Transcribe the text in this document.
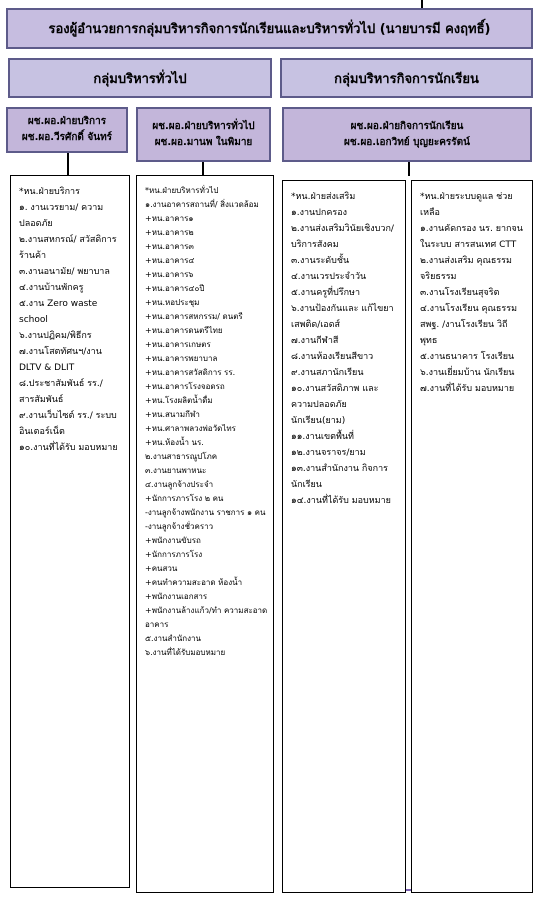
รองผู้อำนวยการกลุ่มบริหารกิจการนักเรียนและบริหารทั่วไป (นายบารมี คงฤทธิ์)
กลุ่มบริหารทั่วไป	กลุ่มบริหารกิจการนักเรียน
ผช.ผอ.ฝ่ายบริการ
ผช.ผอ.วีรศักดิ์ จันทร์
ผช.ผอ.ฝ่ายบริหารทั่วไป
ผช.ผอ.มานพ ในพิมาย
ผช.ผอ.ฝ่ายกิจการนักเรียน
ผช.ผอ.เอกวิทย์ บุญยะครรัตน์
*หน.ฝ่ายบริการ
๑. งานเวรยาม/ ความปลอดภัย
๒.งานสหกรณ์/ สวัสดิการร้านค้า
๓.งานอนามัย/ พยาบาล
๔.งานบ้านพักครู
๕.งาน Zero waste school
๖.งานปฏิคม/พิธีกร
๗.งานโสตทัศนฯ/งาน DLTV & DLIT
๘.ประชาสัมพันธ์ รร./สารสัมพันธ์
๙.งานเว็บไซต์ รร./ ระบบอินเตอร์เน็ต
๑๐.งานที่ได้รับ มอบหมาย
*หน.ฝ่ายบริหารทั่วไป
๑.งานอาคารสถานที่/ สิ่งแวดล้อม
+หน.อาคาร๑
+หน.อาคาร๒
+หน.อาคาร๓
+หน.อาคาร๔
+หน.อาคาร๖
+หน.อาคาร๔๐ปี
+หน.หอประชุม
+หน.อาคารสหกรรม/ ดนตรี
+หน.อาคารดนตรีไทย
+หน.อาคารเกษตร
+หน.อาคารพยาบาล
+หน.อาคารสวัสดิการ รร.
+หน.อาคารโรงจอดรถ
+หน.โรงผลิตน้ำดื่ม
+หน.สนามกีฬา
+หน.ศาลาพลวงพ่อวัดไทร
+หน.ห้องน้ำ นร.
๒.งานสาธารณูปโภค
๓.งานยานพาหนะ
๔.งานลูกจ้างประจำ
+นักการภารโรง ๒ คน
-งานลูกจ้างพนักงาน ราชการ ๑ คน
-งานลูกจ้างชั่วคราว
+พนักงานขับรถ
+นักการภารโรง
+คนสวน
+คนทำความสะอาด ห้องน้ำ
+พนักงานเอกสาร
+พนักงานล้างแก้ว/ทำ ความสะอาดอาคาร
๕.งานสำนักงาน
๖.งานที่ได้รับมอบหมาย
*หน.ฝ่ายส่งเสริม
๑.งานปกครอง
๒.งานส่งเสริมวินัยเชิงบวก/บริการสังคม
๓.งานระดับชั้น
๔.งานเวรประจำวัน
๕.งานครูที่ปรึกษา
๖.งานป้องกันและ แก้ไขยาเสพติด/เอดส์
๗.งานกีฬาสี
๘.งานห้องเรียนสีขาว
๙.งานสภานักเรียน
๑๐.งานสวัสดิภาพ และความปลอดภัย นักเรียน(ยาม)
๑๑.งานเขตพื้นที่
๑๒.งานจราจร/ยาม
๑๓.งานสำนักงาน กิจการนักเรียน
๑๔.งานที่ได้รับ มอบหมาย
*หน.ฝ่ายระบบดูแล ช่วยเหลือ
๑.งานคัดกรอง นร. ยากจนในระบบ สารสนเทศ CTT
๒.งานส่งเสริม คุณธรรมจริยธรรม
๓.งานโรงเรียนสุจริต
๔.งานโรงเรียน คุณธรรม สพฐ. /งานโรงเรียน วิถี พุทธ
๕.งานธนาคาร โรงเรียน
๖.งานเยี่ยมบ้าน นักเรียน
๗.งานที่ได้รับ มอบหมาย
